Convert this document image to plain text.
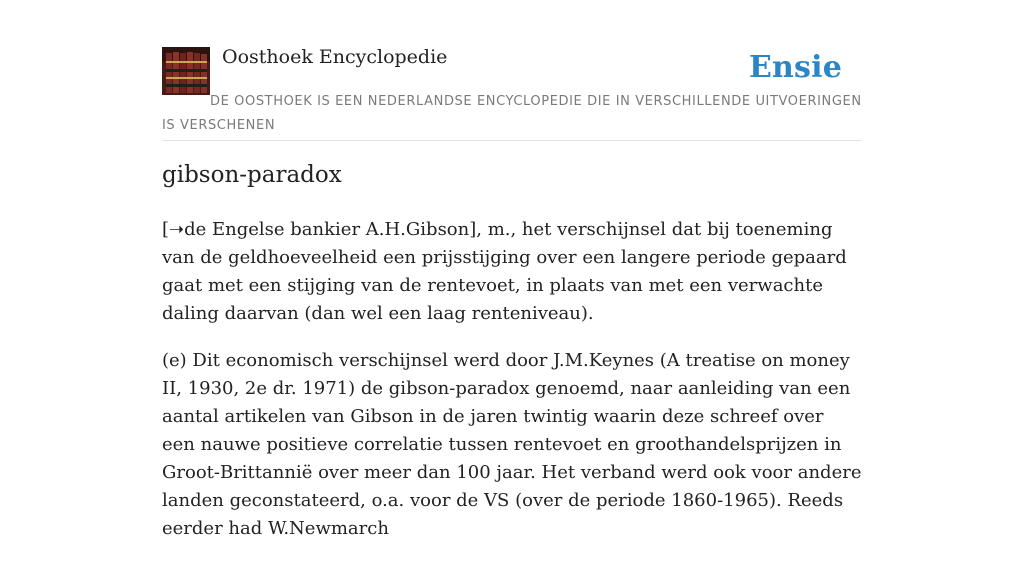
Oosthoek Encyclopedie	Ensie
DE OOSTHOEK IS EEN NEDERLANDSE ENCYCLOPEDIE DIE IN VERSCHILLENDE UITVOERINGEN IS VERSCHENEN
gibson-paradox

[➝de Engelse bankier A.H.Gibson], m., het verschijnsel dat bij toeneming van de geldhoeveelheid een prijsstijging over een langere periode gepaard gaat met een stijging van de rentevoet, in plaats van met een verwachte daling daarvan (dan wel een laag renteniveau).

(e) Dit economisch verschijnsel werd door J.M.Keynes (A treatise on money II, 1930, 2e dr. 1971) de gibson-paradox genoemd, naar aanleiding van een aantal artikelen van Gibson in de jaren twintig waarin deze schreef over een nauwe positieve correlatie tussen rentevoet en groothandelsprijzen in Groot-Brittannië over meer dan 100 jaar. Het verband werd ook voor andere landen geconstateerd, o.a. voor de VS (over de periode 1860-1965). Reeds eerder had W.Newmarch
